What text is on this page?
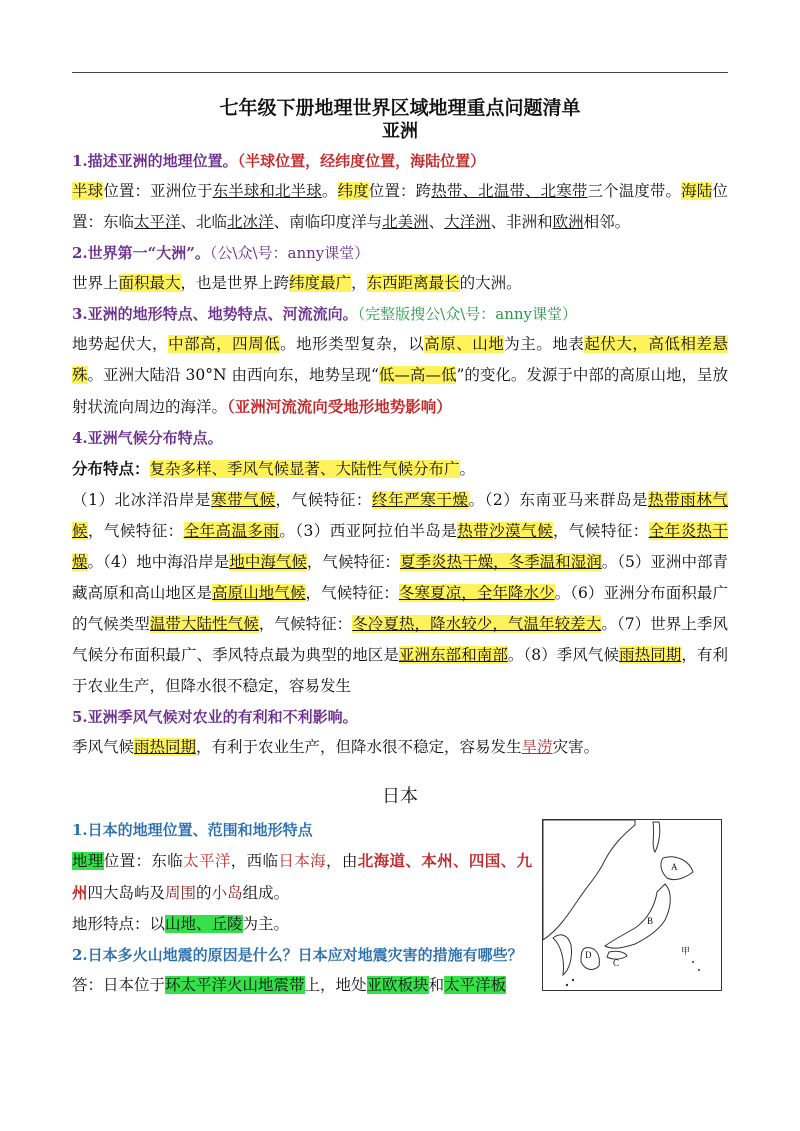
七年级下册地理世界区域地理重点问题清单

亚洲

1.描述亚洲的地理位置。（半球位置，经纬度位置，海陆位置）

半球位置：亚洲位于东半球和北半球。纬度位置：跨热带、北温带、北寒带三个温度带。海陆位置：东临太平洋、北临北冰洋、南临印度洋与北美洲、大洋洲、非洲和欧洲相邻。

2.世界第一“大洲”。（公\众\号：anny课堂）

世界上面积最大，也是世界上跨纬度最广，东西距离最长的大洲。

3.亚洲的地形特点、地势特点、河流流向。（完整版搜公\众\号：anny课堂）

地势起伏大，中部高，四周低。地形类型复杂，以高原、山地为主。地表起伏大，高低相差悬殊。亚洲大陆沿 30°N 由西向东，地势呈现“低—高—低”的变化。发源于中部的高原山地，呈放射状流向周边的海洋。（亚洲河流流向受地形地势影响）

4.亚洲气候分布特点。

分布特点：复杂多样、季风气候显著、大陆性气候分布广。

（1）北冰洋沿岸是寒带气候，气候特征：终年严寒干燥。（2）东南亚马来群岛是热带雨林气候，气候特征：全年高温多雨。（3）西亚阿拉伯半岛是热带沙漠气候，气候特征：全年炎热干燥。（4）地中海沿岸是地中海气候，气候特征：夏季炎热干燥，冬季温和湿润。（5）亚洲中部青藏高原和高山地区是高原山地气候，气候特征：冬寒夏凉，全年降水少。（6）亚洲分布面积最广的气候类型温带大陆性气候，气候特征：冬冷夏热，降水较少，气温年较差大。（7）世界上季风气候分布面积最广、季风特点最为典型的地区是亚洲东部和南部。（8）季风气候雨热同期，有利于农业生产，但降水很不稳定，容易发生

5.亚洲季风气候对农业的有利和不利影响。

季风气候雨热同期，有利于农业生产，但降水很不稳定，容易发生旱涝灾害。

日本

1.日本的地理位置、范围和地形特点

地理位置：东临太平洋，西临日本海，由北海道、本州、四国、九州四大岛屿及周围的小岛组成。

地形特点：以山地、丘陵为主。

2.日本多火山地震的原因是什么？日本应对地震灾害的措施有哪些？

答：日本位于环太平洋火山地震带上，地处亚欧板块和太平洋板

A
B
C
D	甲
